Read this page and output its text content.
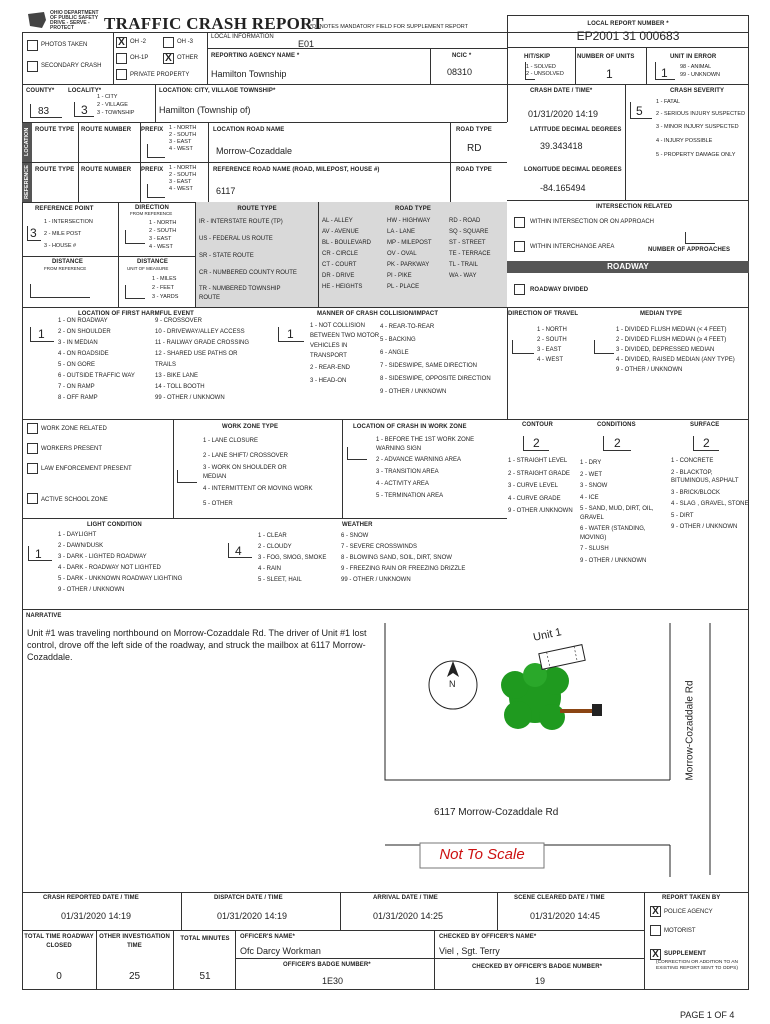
OHIO DEPARTMENT
OF PUBLIC SAFETY
DRIVE - SERVE - PROTECT	TRAFFIC CRASH REPORT
*DENOTES MANDATORY FIELD FOR SUPPLEMENT REPORT	LOCAL REPORT NUMBER *
EP2001 31 000683
PHOTOS TAKEN
SECONDARY CRASH
X OH -2	OH -3
OH-1P X OTHER
PRIVATE PROPERTY
LOCAL INFORMATION
E01
REPORTING AGENCY NAME *
Hamilton Township
NCIC *
08310
HIT/SKIP
1 - SOLVED
2 - UNSOLVED
NUMBER OF UNITS
1
UNIT IN ERROR
1 98 - ANIMAL
99 - UNKNOWN
COUNTY*
83
LOCALITY*
3
1 - CITY
2 - VILLAGE
3 - TOWNSHIP
LOCATION: CITY, VILLAGE TOWNSHIP*
Hamilton (Township of)
CRASH DATE / TIME*
01/31/2020 14:19
CRASH SEVERITY
5
1 - FATAL
2 - SERIOUS INJURY SUSPECTED
3 - MINOR INJURY SUSPECTED
4 - INJURY POSSIBLE
5 - PROPERTY DAMAGE ONLY
LOCATION
REFERENCE
ROUTE TYPE ROUTE NUMBER PREFIX 1 - NORTH
2 - SOUTH
3 - EAST
4 - WEST
LOCATION ROAD NAME
Morrow-Cozaddale
ROAD TYPE
RD
LATITUDE DECIMAL DEGREES
39.343418
ROUTE TYPE ROUTE NUMBER PREFIX 1 - NORTH
2 - SOUTH
3 - EAST
4 - WEST
REFERENCE ROAD NAME (ROAD, MILEPOST, HOUSE #)
6117
ROAD TYPE	LONGITUDE DECIMAL DEGREES
-84.165494
REFERENCE POINT
3
1 - INTERSECTION
2 - MILE POST
3 - HOUSE #
DIRECTION
FROM REFERENCE
1 - NORTH
2 - SOUTH
3 - EAST
4 - WEST
DISTANCE
FROM REFERENCE
DISTANCE
UNIT OF MEASURE
1 - MILES
2 - FEET
3 - YARDS
ROUTE TYPE
IR - INTERSTATE ROUTE (TP)
US - FEDERAL US ROUTE
SR - STATE ROUTE
CR - NUMBERED COUNTY ROUTE
TR - NUMBERED TOWNSHIP ROUTE
ROAD TYPE
AL - ALLEY
AV - AVENUE
BL - BOULEVARD
CR - CIRCLE
CT - COURT
DR - DRIVE
HE - HEIGHTS
HW - HIGHWAY
LA - LANE
MP - MILEPOST
OV - OVAL
PK - PARKWAY
PI - PIKE
PL - PLACE
RD - ROAD
SQ - SQUARE
ST - STREET
TE - TERRACE
TL - TRAIL
WA - WAY
INTERSECTION RELATED
WITHIN INTERSECTION OR ON APPROACH
WITHIN INTERCHANGE AREA	NUMBER OF APPROACHES
ROADWAY
ROADWAY DIVIDED
LOCATION OF FIRST HARMFUL EVENT
1
1 - ON ROADWAY
2 - ON SHOULDER
3 - IN MEDIAN
4 - ON ROADSIDE
5 - ON GORE
6 - OUTSIDE TRAFFIC WAY
7 - ON RAMP
8 - OFF RAMP
9 - CROSSOVER
10 - DRIVEWAY/ALLEY ACCESS
11 - RAILWAY GRADE CROSSING
12 - SHARED USE PATHS OR TRAILS
13 - BIKE LANE
14 - TOLL BOOTH
99 - OTHER / UNKNOWN
MANNER OF CRASH COLLISION/IMPACT
1
1 - NOT COLLISION BETWEEN TWO MOTOR VEHICLES IN TRANSPORT
2 - REAR-END
3 - HEAD-ON
4 - REAR-TO-REAR
5 - BACKING
6 - ANGLE
7 - SIDESWIPE, SAME DIRECTION
8 - SIDESWIPE, OPPOSITE DIRECTION
9 - OTHER / UNKNOWN
DIRECTION OF TRAVEL
1 - NORTH
2 - SOUTH
3 - EAST
4 - WEST
MEDIAN TYPE
1 - DIVIDED FLUSH MEDIAN (< 4 FEET)
2 - DIVIDED FLUSH MEDIAN (≥ 4 FEET)
3 - DIVIDED, DEPRESSED MEDIAN
4 - DIVIDED, RAISED MEDIAN (ANY TYPE)
9 - OTHER / UNKNOWN
WORK ZONE RELATED
WORKERS PRESENT
LAW ENFORCEMENT PRESENT
ACTIVE SCHOOL ZONE
WORK ZONE TYPE
1 - LANE CLOSURE
2 - LANE SHIFT/ CROSSOVER
3 - WORK ON SHOULDER OR MEDIAN
4 - INTERMITTENT OR MOVING WORK
5 - OTHER
LOCATION OF CRASH IN WORK ZONE
1 - BEFORE THE 1ST WORK ZONE WARNING SIGN
2 - ADVANCE WARNING AREA
3 - TRANSITION AREA
4 - ACTIVITY AREA
5 - TERMINATION AREA
CONTOUR
2
1 - STRAIGHT LEVEL
2 - STRAIGHT GRADE
3 - CURVE LEVEL
4 - CURVE GRADE
9 - OTHER /UNKNOWN
CONDITIONS
2
1 - DRY
2 - WET
3 - SNOW
4 - ICE
5 - SAND, MUD, DIRT, OIL, GRAVEL
6 - WATER (STANDING, MOVING)
7 - SLUSH
9 - OTHER / UNKNOWN
SURFACE
2
1 - CONCRETE
2 - BLACKTOP, BITUMINOUS, ASPHALT
3 - BRICK/BLOCK
4 - SLAG , GRAVEL, STONE
5 - DIRT
9 - OTHER / UNKNOWN
LIGHT CONDITION
1
1 - DAYLIGHT
2 - DAWN/DUSK
3 - DARK - LIGHTED ROADWAY
4 - DARK - ROADWAY NOT LIGHTED
5 - DARK - UNKNOWN ROADWAY LIGHTING
9 - OTHER / UNKNOWN
WEATHER
4
1 - CLEAR
2 - CLOUDY
3 - FOG, SMOG, SMOKE
4 - RAIN
5 - SLEET, HAIL
6 - SNOW
7 - SEVERE CROSSWINDS
8 - BLOWING SAND, SOIL, DIRT, SNOW
9 - FREEZING RAIN OR FREEZING DRIZZLE
99 - OTHER / UNKNOWN
NARRATIVE
Unit #1 was traveling northbound on Morrow-Cozaddale Rd. The driver of Unit #1 lost control, drove off the left side of the roadway, and struck the mailbox at 6117 Morrow-Cozaddale.
Unit 1
N	Morrow-Cozaddale Rd
6117 Morrow-Cozaddale Rd
Not To Scale
CRASH REPORTED DATE / TIME
01/31/2020 14:19
DISPATCH DATE / TIME
01/31/2020 14:19
ARRIVAL DATE / TIME
01/31/2020 14:25
SCENE CLEARED DATE / TIME
01/31/2020 14:45
REPORT TAKEN BY
X POLICE AGENCY
MOTORIST
X SUPPLEMENT
(CORRECTION OR ADDITION TO AN EXISTING REPORT SENT TO ODPS)
TOTAL TIME ROADWAY CLOSED
0
OTHER INVESTIGATION TIME
25
TOTAL MINUTES
51
OFFICER'S NAME*
Ofc Darcy Workman
CHECKED BY OFFICER'S NAME*
Viel , Sgt. Terry
OFFICER'S BADGE NUMBER*
1E30
CHECKED BY OFFICER'S BADGE NUMBER*
19
PAGE 1 OF 4
